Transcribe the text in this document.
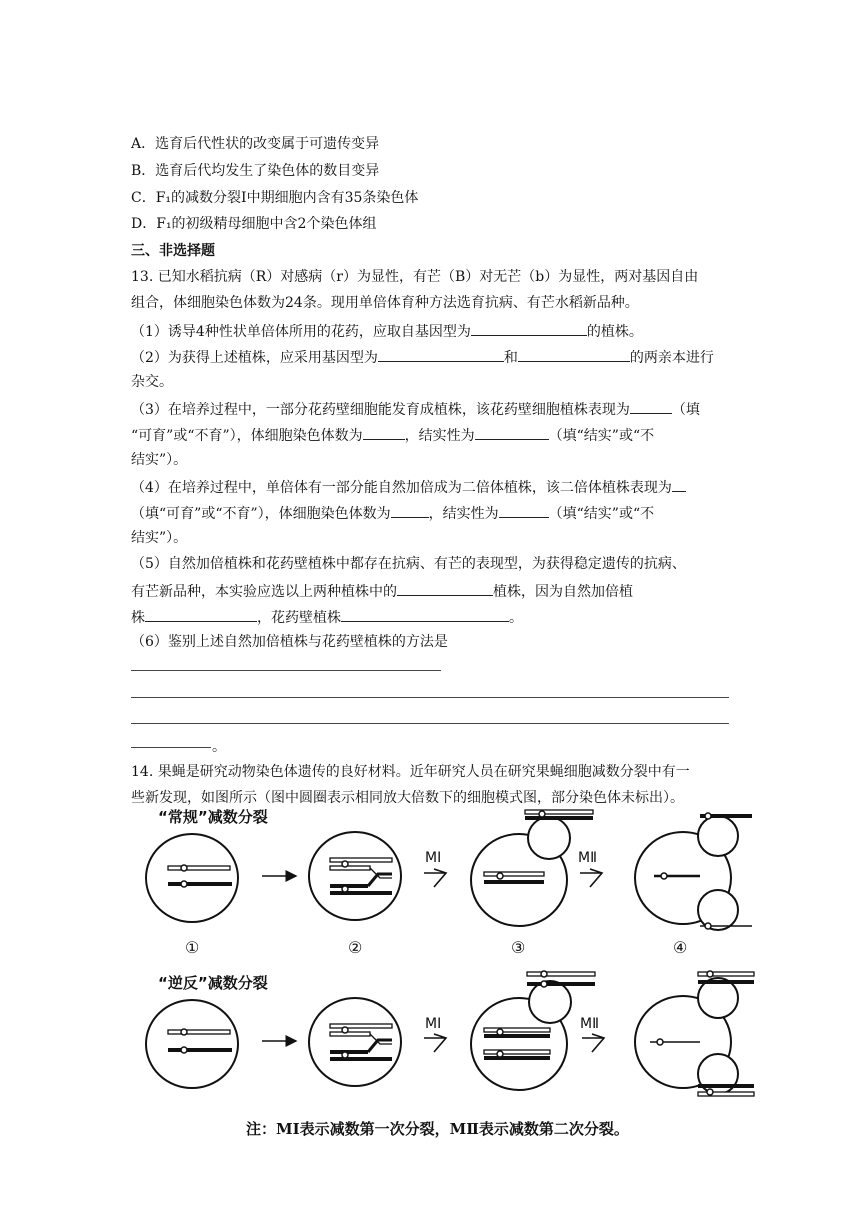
A．选育后代性状的改变属于可遗传变异
B．选育后代均发生了染色体的数目变异
C．F₁的减数分裂Ⅰ中期细胞内含有35条染色体
D．F₁的初级精母细胞中含2个染色体组
三、非选择题
13. 已知水稻抗病（R）对感病（r）为显性，有芒（B）对无芒（b）为显性，两对基因自由
组合，体细胞染色体数为24条。现用单倍体育种方法选育抗病、有芒水稻新品种。
（1）诱导4种性状单倍体所用的花药，应取自基因型为	的植株。
（2）为获得上述植株，应采用基因型为	和	的两亲本进行
杂交。
（3）在培养过程中，一部分花药壁细胞能发育成植株，该花药壁细胞植株表现为	（填
“可育”或“不育”），体细胞染色体数为	，结实性为	（填“结实”或“不
结实”）。
（4）在培养过程中，单倍体有一部分能自然加倍成为二倍体植株，该二倍体植株表现为
（填“可育”或“不育”），体细胞染色体数为	，结实性为	（填“结实”或“不
结实”）。
（5）自然加倍植株和花药壁植株中都存在抗病、有芒的表现型，为获得稳定遗传的抗病、
有芒新品种，本实验应选以上两种植株中的	植株，因为自然加倍植
株	，花药壁植株	。
（6）鉴别上述自然加倍植株与花药壁植株的方法是
。
14. 果蝇是研究动物染色体遗传的良好材料。近年研究人员在研究果蝇细胞减数分裂中有一
些新发现，如图所示（图中圆圈表示相同放大倍数下的细胞模式图，部分染色体未标出）。
“常规”减数分裂
“逆反”减数分裂
MⅠ	MⅡ
MⅠ	MⅡ
①	②	③	④
注：MⅠ表示减数第一次分裂，MⅡ表示减数第二次分裂。
